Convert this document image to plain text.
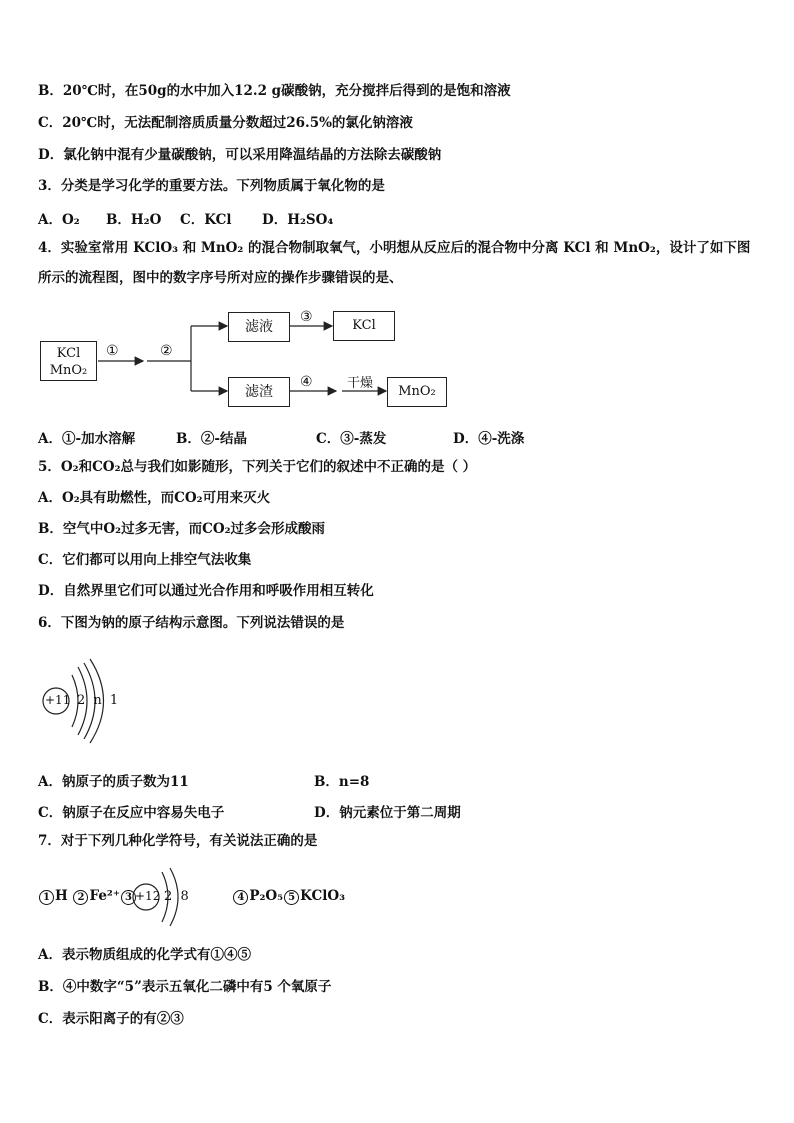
B．20℃时，在50g的水中加入12.2 g碳酸钠，充分搅拌后得到的是饱和溶液
C．20℃时，无法配制溶质质量分数超过26.5%的氯化钠溶液
D．氯化钠中混有少量碳酸钠，可以采用降温结晶的方法除去碳酸钠
3．分类是学习化学的重要方法。下列物质属于氧化物的是
A．O₂ B．H₂O C．KCl D．H₂SO₄
4．实验室常用 KClO₃ 和 MnO₂ 的混合物制取氧气，小明想从反应后的混合物中分离 KCl 和 MnO₂，设计了如下图
所示的流程图，图中的数字序号所对应的操作步骤错误的是、
KCl
MnO₂
滤液
滤渣
KCl
MnO₂
①	②
③
④	干燥
A．①-加水溶解	B．②-结晶	C．③-蒸发	D．④-洗涤
5．O₂和CO₂总与我们如影随形，下列关于它们的叙述中不正确的是（ ）
A．O₂具有助燃性，而CO₂可用来灭火
B．空气中O₂过多无害，而CO₂过多会形成酸雨
C．它们都可以用向上排空气法收集
D．自然界里它们可以通过光合作用和呼吸作用相互转化
6．下图为钠的原子结构示意图。下列说法错误的是
+11 2 n 1
A．钠原子的质子数为11	B．n=8
C．钠原子在反应中容易失电子	D．钠元素位于第二周期
7．对于下列几种化学符号，有关说法正确的是
1 H 2 Fe²⁺ 3	4 P₂O₅ 5 KClO₃
+12 2  8
A．表示物质组成的化学式有①④⑤
B．④中数字“5”表示五氧化二磷中有5 个氧原子
C．表示阳离子的有②③
